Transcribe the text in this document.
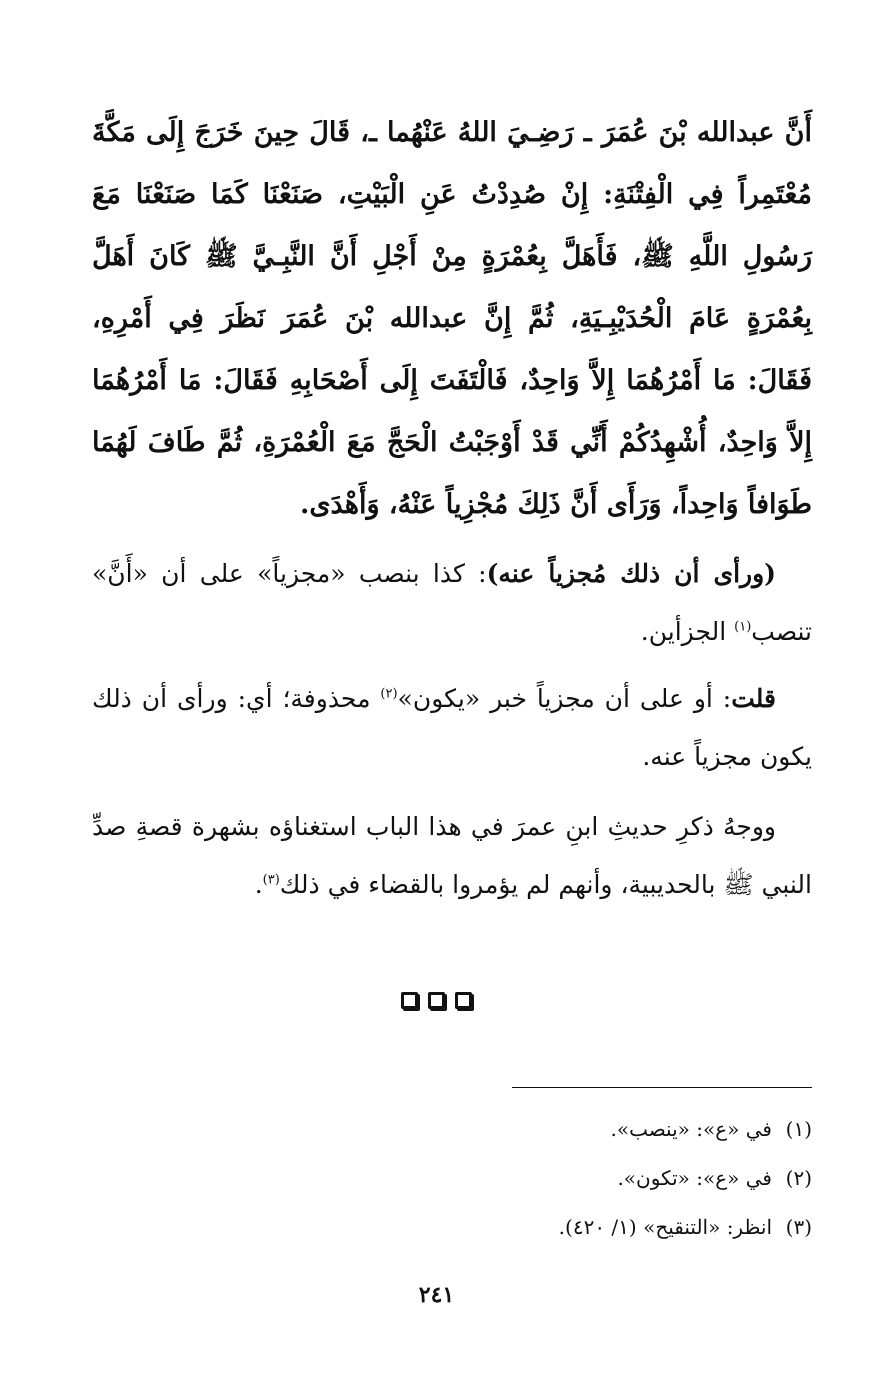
أَنَّ عبدالله بْنَ عُمَرَ ـ رَضِـيَ اللهُ عَنْهُما ـ، قَالَ حِينَ خَرَجَ إِلَى مَكَّةَ مُعْتَمِراً فِي الْفِتْنَةِ: إِنْ صُدِدْتُ عَنِ الْبَيْتِ، صَنَعْنَا كَمَا صَنَعْنَا مَعَ رَسُولِ اللَّهِ ﷺ، فَأَهَلَّ بِعُمْرَةٍ مِنْ أَجْلِ أَنَّ النَّبِـيَّ ﷺ كَانَ أَهَلَّ بِعُمْرَةٍ عَامَ الْحُدَيْبِـيَةِ، ثُمَّ إِنَّ عبدالله بْنَ عُمَرَ نَظَرَ فِي أَمْرِهِ، فَقَالَ: مَا أَمْرُهُمَا إِلاَّ وَاحِدٌ، فَالْتَفَتَ إِلَى أَصْحَابِهِ فَقَالَ: مَا أَمْرُهُمَا إِلاَّ وَاحِدٌ، أُشْهِدُكُمْ أَنِّي قَدْ أَوْجَبْتُ الْحَجَّ مَعَ الْعُمْرَةِ، ثُمَّ طَافَ لَهُمَا طَوَافاً وَاحِداً، وَرَأَى أَنَّ ذَلِكَ مُجْزِياً عَنْهُ، وَأَهْدَى.

(ورأى أن ذلك مُجزياً عنه): كذا بنصب «مجزياً» على أن «أَنَّ» تنصب$^{(١)}$ الجزأين.

قلت: أو على أن مجزياً خبر «يكون»$^{(٢)}$ محذوفة؛ أي: ورأى أن ذلك يكون مجزياً عنه.

ووجهُ ذكرِ حديثِ ابنِ عمرَ في هذا الباب استغناؤه بشهرة قصةِ صدِّ النبي ﷺ بالحديبية، وأنهم لم يؤمروا بالقضاء في ذلك$^{(٣)}$.

(١)في «ع»: «ينصب».
(٢)في «ع»: «تكون».
(٣)انظر: «التنقيح» (١/ ٤٢٠).
٢٤١
